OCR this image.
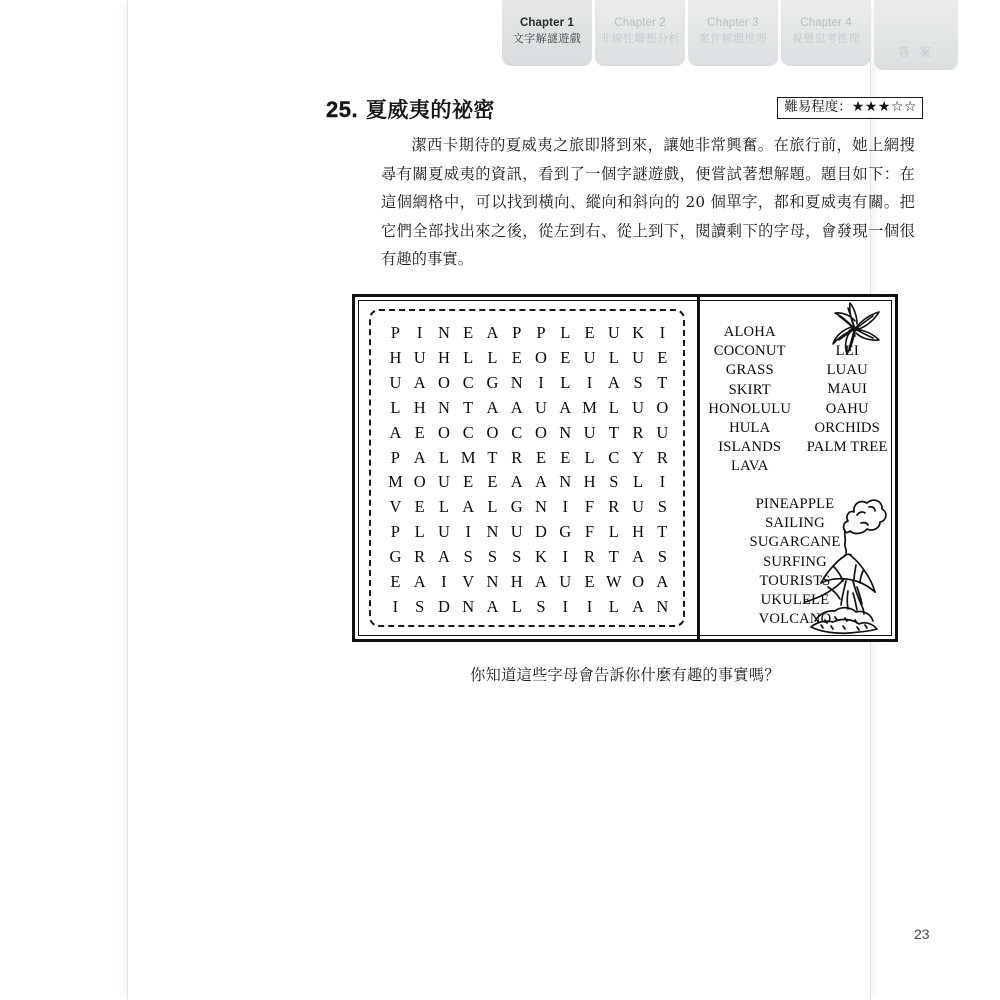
Chapter 1
文字解謎遊戲
Chapter 2
非線性聯想分析
Chapter 3
案件解題推理
Chapter 4
視覺思考推理
答 案
25. 夏威夷的祕密	難易程度：★★★☆☆
潔西卡期待的夏威夷之旅即將到來，讓她非常興奮。在旅行前，她上網搜尋有關夏威夷的資訊，看到了一個字謎遊戲，便嘗試著想解題。題目如下：在這個網格中，可以找到橫向、縱向和斜向的 20 個單字，都和夏威夷有關。把它們全部找出來之後，從左到右、從上到下，閱讀剩下的字母，會發現一個很有趣的事實。
P	I N E A P P L E U K I
H U H L L E O E U L U E
U A O C G N I L I A S T
L H N T A A U A M L U O
A E O C O C O N U T R U
P A L M T R E E L C Y R
M O U E E A A N H S L I
V E L A L G N I	F R U S
P L U I N U D G F L H T
G R A S S S K I R T A S
E A I V N H A U E W O A
I	S D N A L S	I	I L A N
ALOHA
COCONUT
GRASS
SKIRT
HONOLULU
HULA
ISLANDS
LAVA
LEI
LUAU
MAUI
OAHU
ORCHIDS
PALM TREE
PINEAPPLE
SAILING
SUGARCANE
SURFING
TOURISTS
UKULELE
VOLCANO
你知道這些字母會告訴你什麼有趣的事實嗎？
23
